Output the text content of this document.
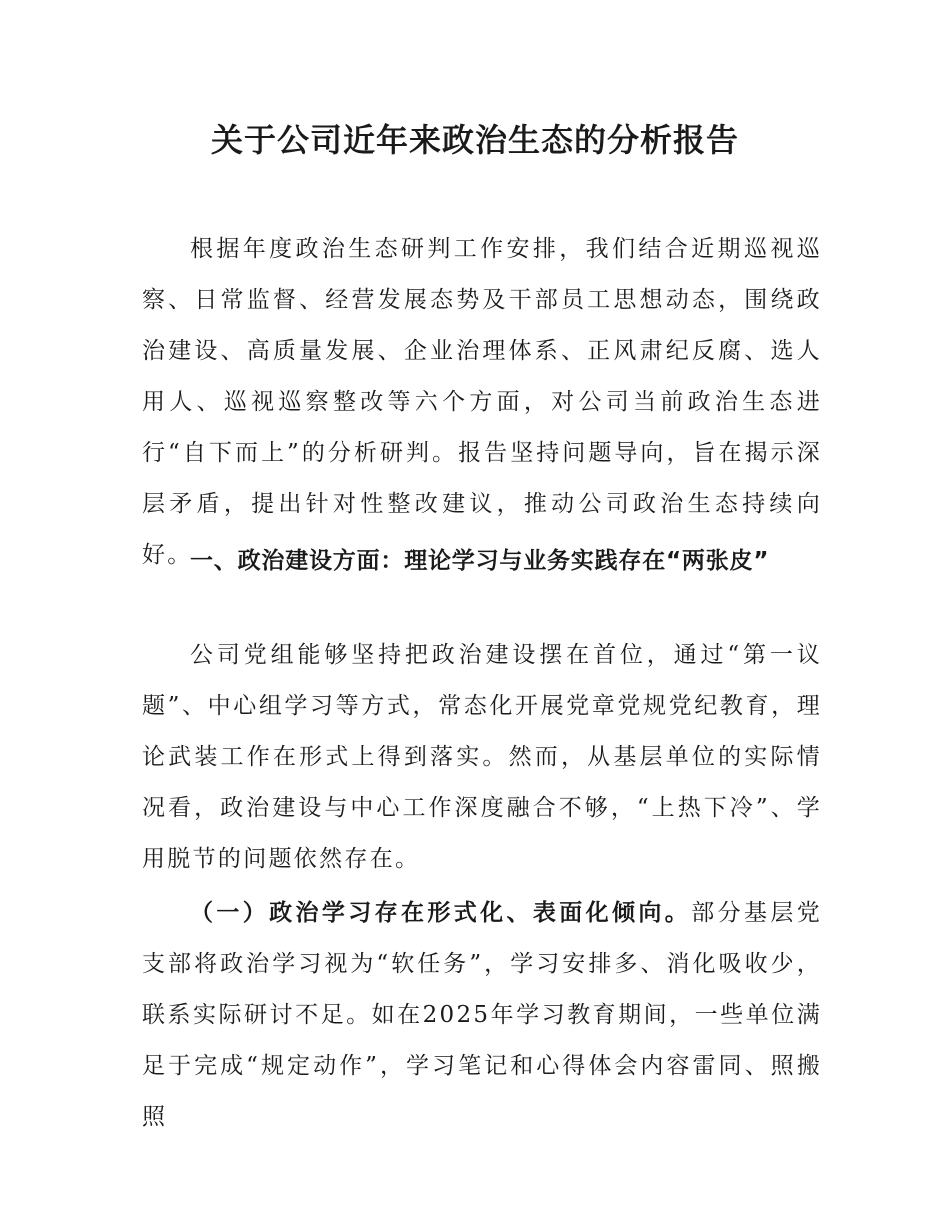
关于公司近年来政治生态的分析报告

根据年度政治生态研判工作安排，我们结合近期巡视巡察、日常监督、经营发展态势及干部员工思想动态，围绕政治建设、高质量发展、企业治理体系、正风肃纪反腐、选人用人、巡视巡察整改等六个方面，对公司当前政治生态进行“自下而上”的分析研判。报告坚持问题导向，旨在揭示深层矛盾，提出针对性整改建议，推动公司政治生态持续向好。

一、政治建设方面：理论学习与业务实践存在“两张皮”

公司党组能够坚持把政治建设摆在首位，通过“第一议题”、中心组学习等方式，常态化开展党章党规党纪教育，理论武装工作在形式上得到落实。然而，从基层单位的实际情况看，政治建设与中心工作深度融合不够，“上热下冷”、学用脱节的问题依然存在。

（一）政治学习存在形式化、表面化倾向。部分基层党支部将政治学习视为“软任务”，学习安排多、消化吸收少，联系实际研讨不足。如在2025年学习教育期间，一些单位满足于完成“规定动作”，学习笔记和心得体会内容雷同、照搬照
